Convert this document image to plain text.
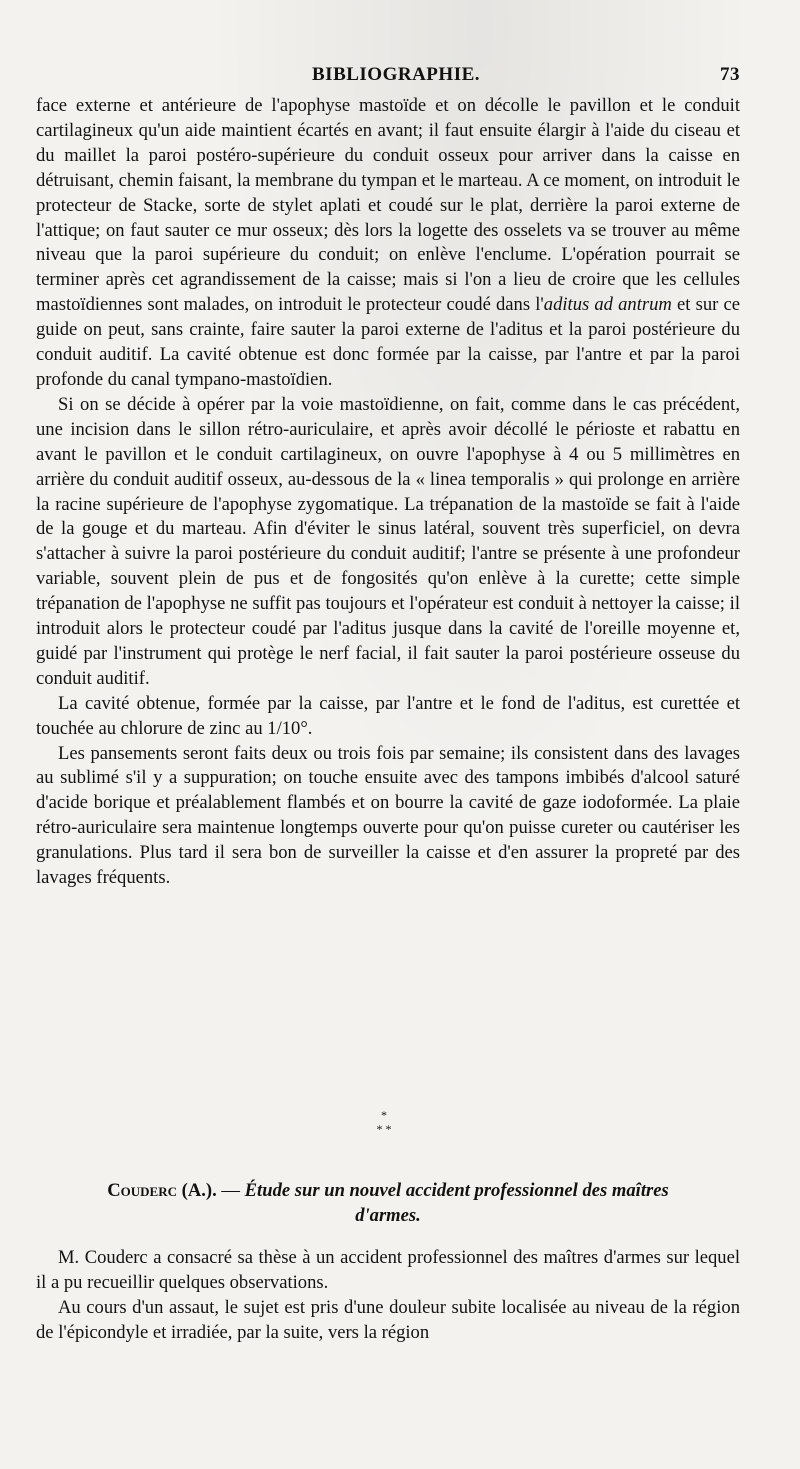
BIBLIOGRAPHIE.	73

face externe et antérieure de l'apophyse mastoïde et on décolle le pavillon et le conduit cartilagineux qu'un aide maintient écartés en avant; il faut ensuite élargir à l'aide du ciseau et du maillet la paroi postéro-supérieure du conduit osseux pour arriver dans la caisse en détruisant, chemin faisant, la membrane du tympan et le marteau. A ce moment, on introduit le protecteur de Stacke, sorte de stylet aplati et coudé sur le plat, derrière la paroi externe de l'attique; on faut sauter ce mur osseux; dès lors la logette des osselets va se trouver au même niveau que la paroi supérieure du conduit; on enlève l'enclume. L'opération pourrait se terminer après cet agrandissement de la caisse; mais si l'on a lieu de croire que les cellules mastoïdiennes sont malades, on introduit le protecteur coudé dans l'aditus ad antrum et sur ce guide on peut, sans crainte, faire sauter la paroi externe de l'aditus et la paroi postérieure du conduit auditif. La cavité obtenue est donc formée par la caisse, par l'antre et par la paroi profonde du canal tympano-mastoïdien.

Si on se décide à opérer par la voie mastoïdienne, on fait, comme dans le cas précédent, une incision dans le sillon rétro-auriculaire, et après avoir décollé le périoste et rabattu en avant le pavillon et le conduit cartilagineux, on ouvre l'apophyse à 4 ou 5 millimètres en arrière du conduit auditif osseux, au-dessous de la « linea temporalis » qui prolonge en arrière la racine supérieure de l'apophyse zygomatique. La trépanation de la mastoïde se fait à l'aide de la gouge et du marteau. Afin d'éviter le sinus latéral, souvent très superficiel, on devra s'attacher à suivre la paroi postérieure du conduit auditif; l'antre se présente à une profondeur variable, souvent plein de pus et de fongosités qu'on enlève à la curette; cette simple trépanation de l'apophyse ne suffit pas toujours et l'opérateur est conduit à nettoyer la caisse; il introduit alors le protecteur coudé par l'aditus jusque dans la cavité de l'oreille moyenne et, guidé par l'instrument qui protège le nerf facial, il fait sauter la paroi postérieure osseuse du conduit auditif.

La cavité obtenue, formée par la caisse, par l'antre et le fond de l'aditus, est curettée et touchée au chlorure de zinc au 1/10°.

Les pansements seront faits deux ou trois fois par semaine; ils consistent dans des lavages au sublimé s'il y a suppuration; on touche ensuite avec des tampons imbibés d'alcool saturé d'acide borique et préalablement flambés et on bourre la cavité de gaze iodoformée. La plaie rétro-auriculaire sera maintenue longtemps ouverte pour qu'on puisse cureter ou cautériser les granulations. Plus tard il sera bon de surveiller la caisse et d'en assurer la propreté par des lavages fréquents.

*
* *
Couderc (A.). — Étude sur un nouvel accident professionnel des maîtres
d'armes.

M. Couderc a consacré sa thèse à un accident professionnel des maîtres d'armes sur lequel il a pu recueillir quelques observations.

Au cours d'un assaut, le sujet est pris d'une douleur subite localisée au niveau de la région de l'épicondyle et irradiée, par la suite, vers la région
